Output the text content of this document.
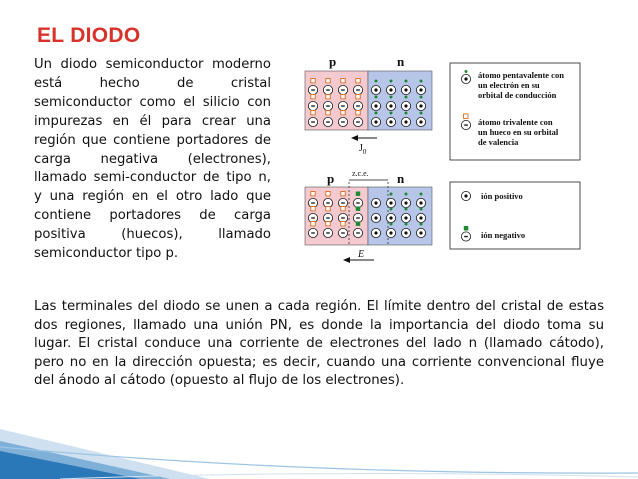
EL DIODO
Un diodo semiconductor moderno está hecho de cristal semiconductor como el silicio con impurezas en él para crear una región que contiene portadores de carga negativa (electrones), llamado semi-conductor de tipo n, y una región en el otro lado que contiene portadores de carga positiva (huecos), llamado semiconductor tipo p.
p	n
$J_0$
p	n
z.c.e.
E
átomo pentavalente con un electrón en su orbital de conducción
átomo trivalente con un hueco en su orbital de valencia
ión positivo
ión negativo
Las terminales del diodo se unen a cada región. El límite dentro del cristal de estas dos regiones, llamado una unión PN, es donde la importancia del diodo toma su lugar. El cristal conduce una corriente de electrones del lado n (llamado cátodo), pero no en la dirección opuesta; es decir, cuando una corriente convencional fluye del ánodo al cátodo (opuesto al flujo de los electrones).
